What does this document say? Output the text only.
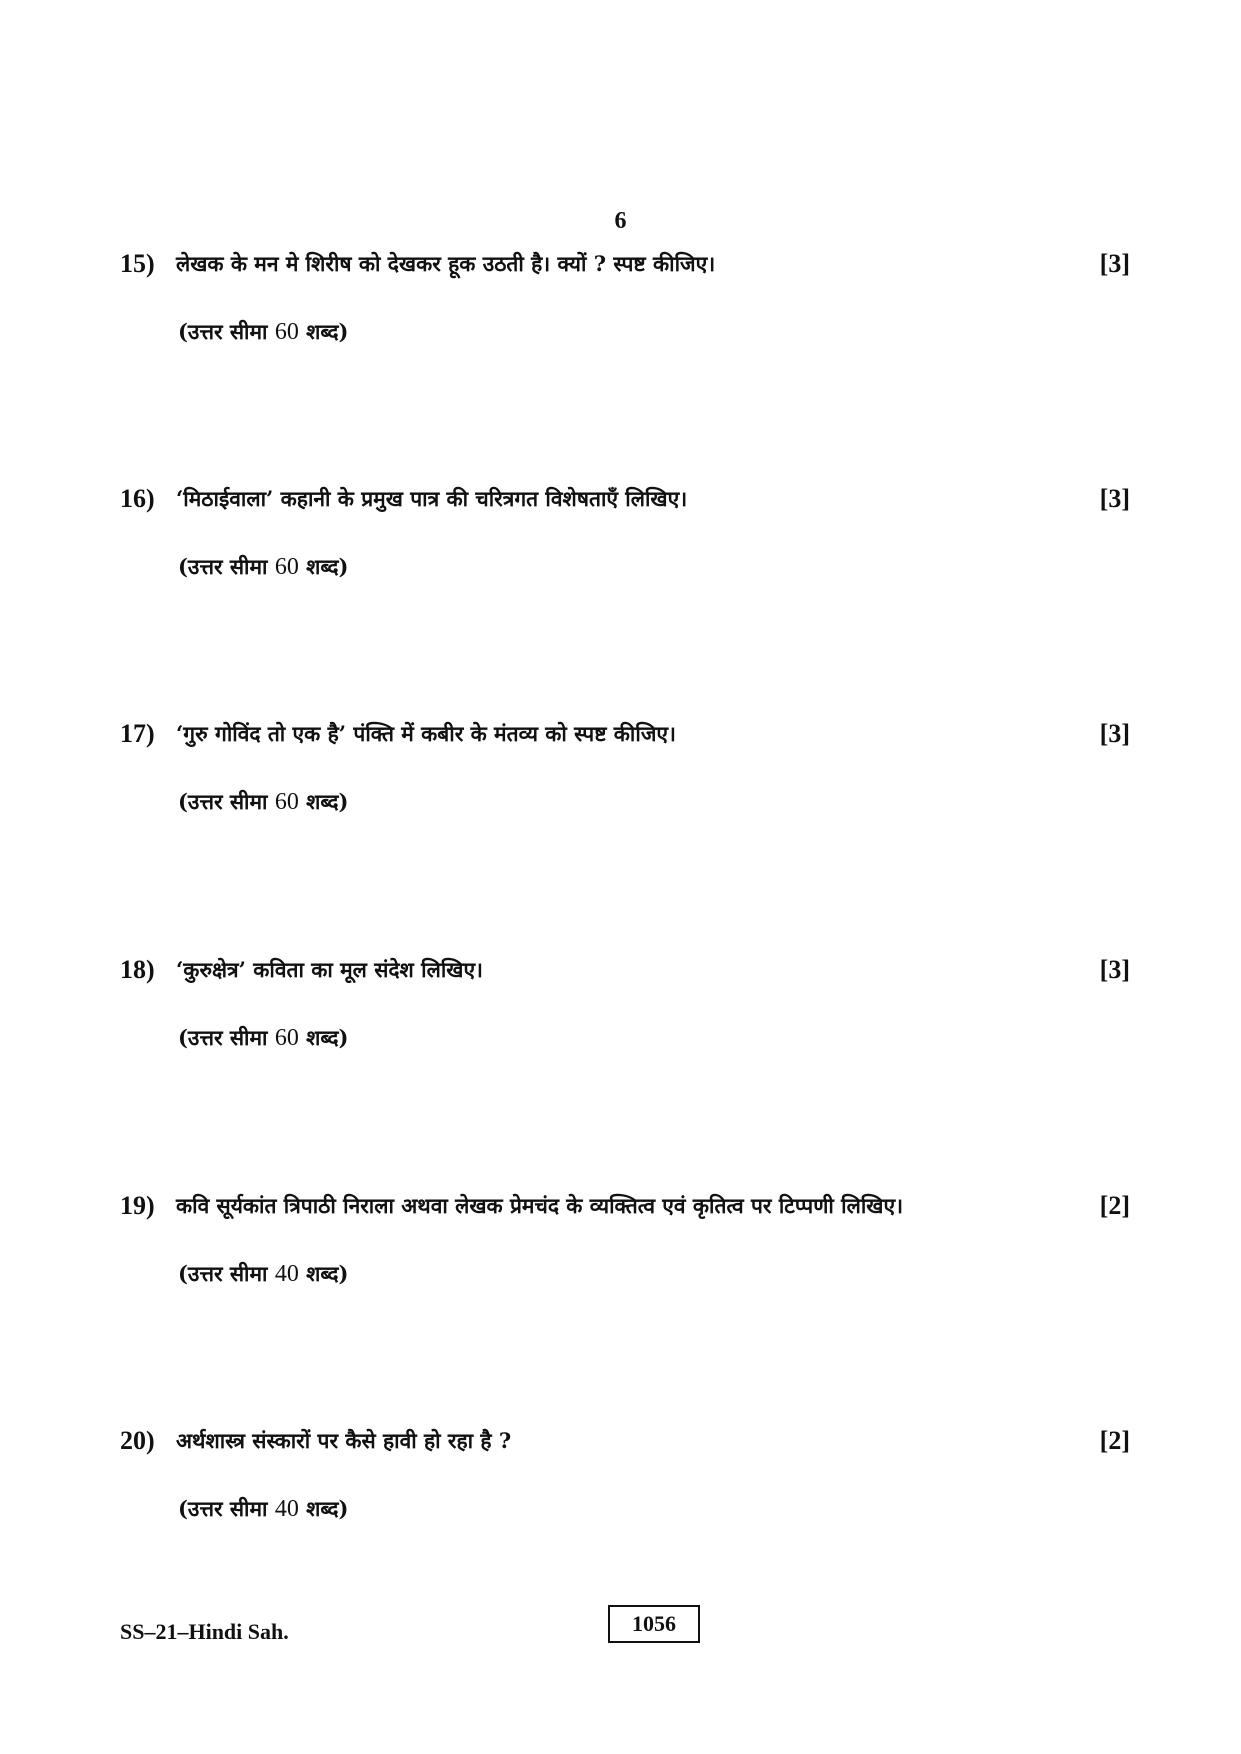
6
15) लेखक के मन मे शिरीष को देखकर हूक उठती है। क्यों ? स्पष्ट कीजिए।	[3]
(उत्तर सीमा 60 शब्द)
16) ‘मिठाईवाला’ कहानी के प्रमुख पात्र की चरित्रगत विशेषताएँ लिखिए।	[3]
(उत्तर सीमा 60 शब्द)
17) ‘गुरु गोविंद तो एक है’ पंक्ति में कबीर के मंतव्य को स्पष्ट कीजिए।	[3]
(उत्तर सीमा 60 शब्द)
18) ‘कुरुक्षेत्र’ कविता का मूल संदेश लिखिए।	[3]
(उत्तर सीमा 60 शब्द)
19) कवि सूर्यकांत त्रिपाठी निराला अथवा लेखक प्रेमचंद के व्यक्तित्व एवं कृतित्व पर टिप्पणी लिखिए।	[2]
(उत्तर सीमा 40 शब्द)
20) अर्थशास्त्र संस्कारों पर कैसे हावी हो रहा है ?	[2]
(उत्तर सीमा 40 शब्द)
SS–21–Hindi Sah.	1056
